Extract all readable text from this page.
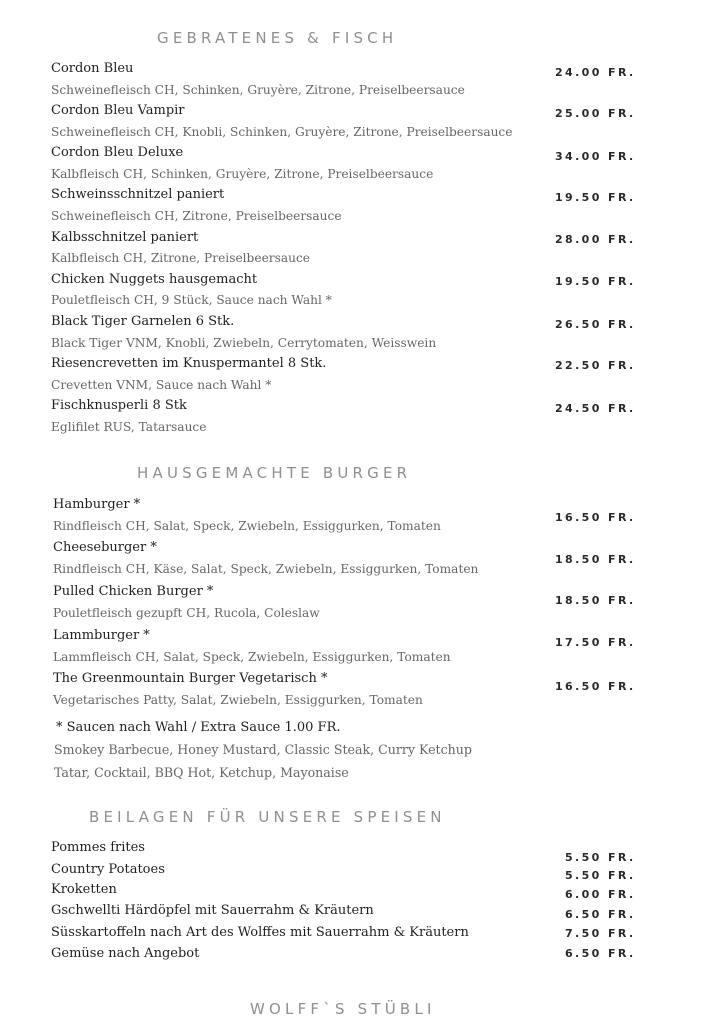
GEBRATENES & FISCH
Cordon Bleu
Schweinefleisch CH, Schinken, Gruyère, Zitrone, Preiselbeersauce
24.00 FR.
Cordon Bleu Vampir
Schweinefleisch CH, Knobli, Schinken, Gruyère, Zitrone, Preiselbeersauce
25.00 FR.
Cordon Bleu Deluxe
Kalbfleisch CH, Schinken, Gruyère, Zitrone, Preiselbeersauce
34.00 FR.
Schweinsschnitzel paniert
Schweinefleisch CH, Zitrone, Preiselbeersauce
19.50 FR.
Kalbsschnitzel paniert
Kalbfleisch CH, Zitrone, Preiselbeersauce
28.00 FR.
Chicken Nuggets hausgemacht
Pouletfleisch CH, 9 Stück, Sauce nach Wahl *
19.50 FR.
Black Tiger Garnelen 6 Stk.
Black Tiger VNM, Knobli, Zwiebeln, Cerrytomaten, Weisswein
26.50 FR.
Riesencrevetten im Knuspermantel 8 Stk.
Crevetten VNM, Sauce nach Wahl *
22.50 FR.
Fischknusperli 8 Stk
Eglifilet RUS, Tatarsauce
24.50 FR.
HAUSGEMACHTE BURGER
Hamburger *
Rindfleisch CH, Salat, Speck, Zwiebeln, Essiggurken, Tomaten
16.50 FR.
Cheeseburger *
Rindfleisch CH, Käse, Salat, Speck, Zwiebeln, Essiggurken, Tomaten
18.50 FR.
Pulled Chicken Burger *
Pouletfleisch gezupft CH, Rucola, Coleslaw
18.50 FR.
Lammburger *
Lammfleisch CH, Salat, Speck, Zwiebeln, Essiggurken, Tomaten
17.50 FR.
The Greenmountain Burger Vegetarisch *
Vegetarisches Patty, Salat, Zwiebeln, Essiggurken, Tomaten
16.50 FR.
* Saucen nach Wahl / Extra Sauce 1.00 FR.
Smokey Barbecue, Honey Mustard, Classic Steak, Curry Ketchup
Tatar, Cocktail, BBQ Hot, Ketchup, Mayonaise
BEILAGEN FÜR UNSERE SPEISEN
Pommes frites
5.50 FR.
Country Potatoes	5.50 FR.
Kroketten	6.00 FR.
Gschwellti Härdöpfel mit Sauerrahm & Kräutern	6.50 FR.
Süsskartoffeln nach Art des Wolffes mit Sauerrahm & Kräutern	7.50 FR.
Gemüse nach Angebot	6.50 FR.
WOLFF`S STÜBLI
